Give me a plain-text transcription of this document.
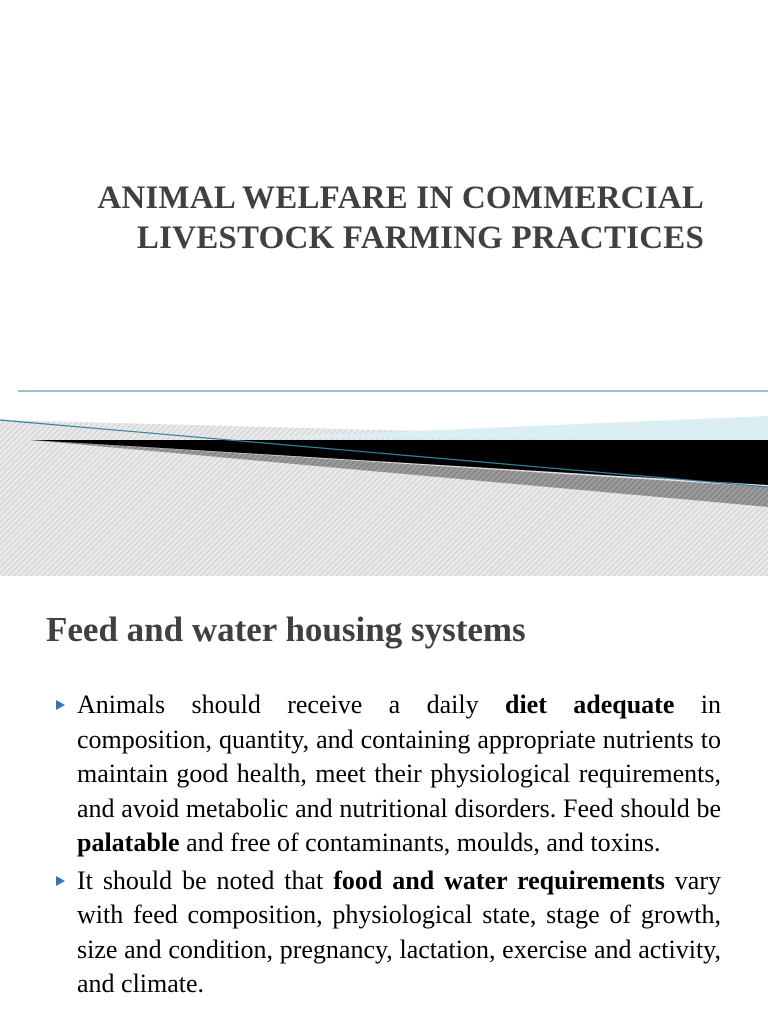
ANIMAL WELFARE IN COMMERCIAL
LIVESTOCK FARMING PRACTICES
Feed and water housing systems

Animals should receive a daily diet adequate in composition, quantity, and containing appropriate nutrients to maintain good health, meet their physiological requirements, and avoid metabolic and nutritional disorders. Feed should be palatable and free of contaminants, moulds, and toxins.

It should be noted that food and water requirements vary with feed composition, physiological state, stage of growth, size and condition, pregnancy, lactation, exercise and activity, and climate.
